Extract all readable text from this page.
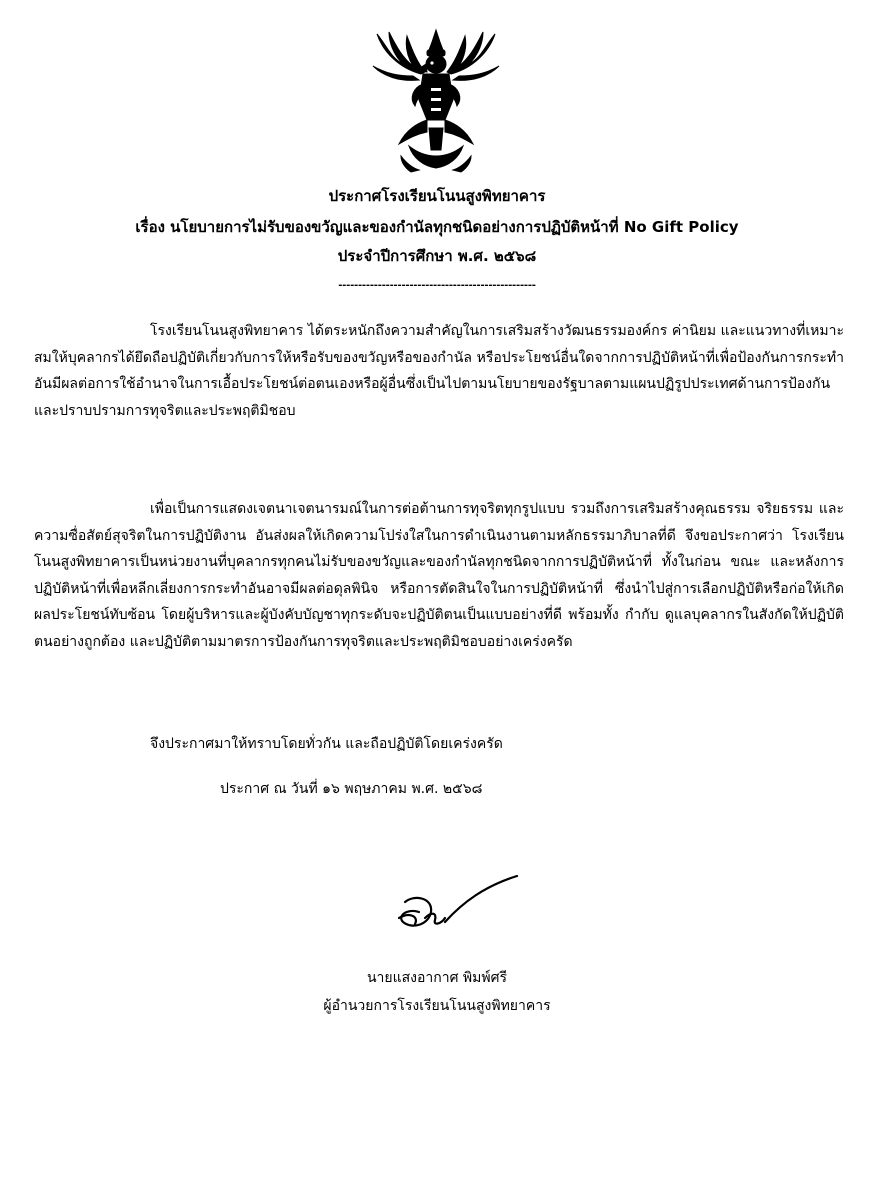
ประกาศโรงเรียนโนนสูงพิทยาคาร
เรื่อง นโยบายการไม่รับของขวัญและของกำนัลทุกชนิดอย่างการปฏิบัติหน้าที่ No Gift Policy
ประจำปีการศึกษา พ.ศ. ๒๕๖๘
--------------------------------------------------

โรงเรียนโนนสูงพิทยาคาร ได้ตระหนักถึงความสำคัญในการเสริมสร้างวัฒนธรรมองค์กร ค่านิยม และแนวทางที่เหมาะสมให้บุคลากรได้ยึดถือปฏิบัติเกี่ยวกับการให้หรือรับของขวัญหรือของกำนัล หรือประโยชน์อื่นใดจากการปฏิบัติหน้าที่เพื่อป้องกันการกระทำอันมีผลต่อการใช้อำนาจในการเอื้อประโยชน์ต่อตนเองหรือผู้อื่นซึ่งเป็นไปตามนโยบายของรัฐบาลตามแผนปฏิรูปประเทศด้านการป้องกันและปราบปรามการทุจริตและประพฤติมิชอบ

เพื่อเป็นการแสดงเจตนาเจตนารมณ์ในการต่อต้านการทุจริตทุกรูปแบบ รวมถึงการเสริมสร้างคุณธรรม จริยธรรม และความซื่อสัตย์สุจริตในการปฏิบัติงาน อันส่งผลให้เกิดความโปร่งใสในการดำเนินงานตามหลักธรรมาภิบาลที่ดี จึงขอประกาศว่า โรงเรียนโนนสูงพิทยาคารเป็นหน่วยงานที่บุคลากรทุกคนไม่รับของขวัญและของกำนัลทุกชนิดจากการปฏิบัติหน้าที่ ทั้งในก่อน ขณะ และหลังการปฏิบัติหน้าที่เพื่อหลีกเลี่ยงการกระทำอันอาจมีผลต่อดุลพินิจ หรือการตัดสินใจในการปฏิบัติหน้าที่ ซึ่งนำไปสู่การเลือกปฏิบัติหรือก่อให้เกิดผลประโยชน์ทับซ้อน โดยผู้บริหารและผู้บังคับบัญชาทุกระดับจะปฏิบัติตนเป็นแบบอย่างที่ดี พร้อมทั้ง กำกับ ดูแลบุคลากรในสังกัดให้ปฏิบัติตนอย่างถูกต้อง และปฏิบัติตามมาตรการป้องกันการทุจริตและประพฤติมิชอบอย่างเคร่งครัด

จึงประกาศมาให้ทราบโดยทั่วกัน และถือปฏิบัติโดยเคร่งครัด
ประกาศ ณ วันที่ ๑๖ พฤษภาคม พ.ศ. ๒๕๖๘
นายแสงอากาศ พิมพ์ศรี
ผู้อำนวยการโรงเรียนโนนสูงพิทยาคาร
